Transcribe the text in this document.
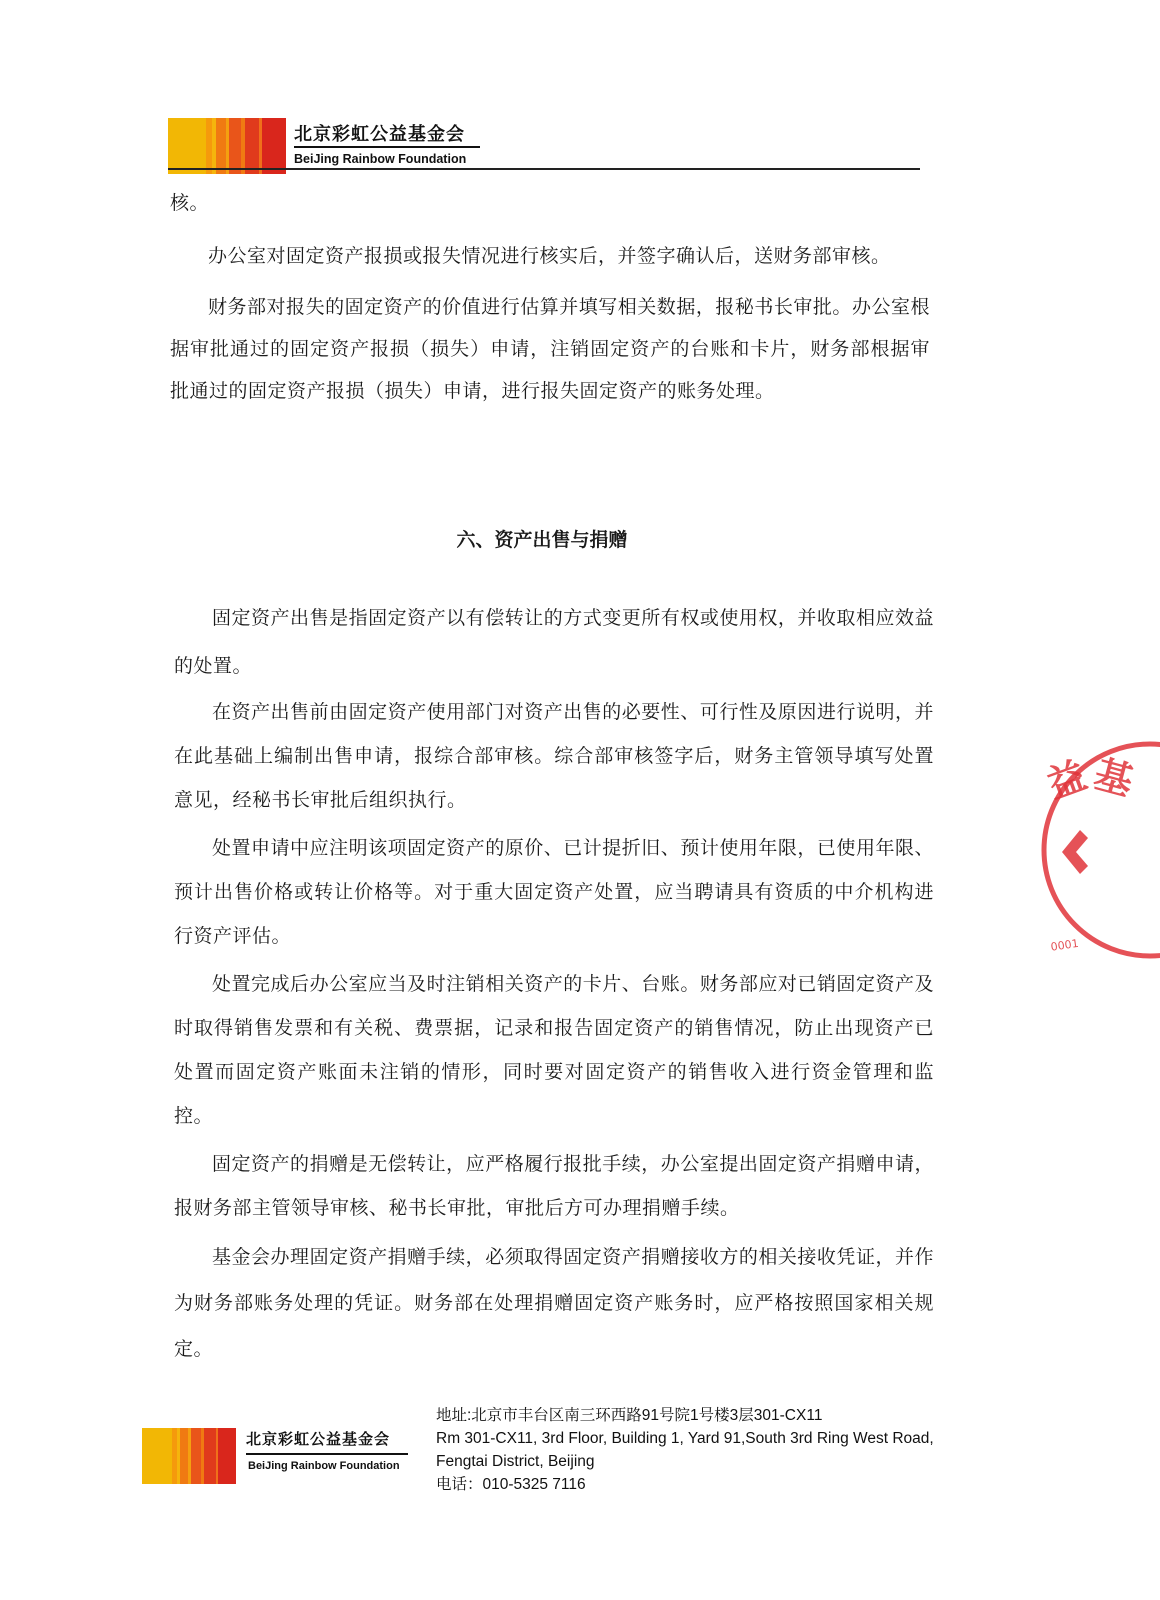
北京彩虹公益基金会
BeiJing Rainbow Foundation

核。

办公室对固定资产报损或报失情况进行核实后，并签字确认后，送财务部审核。

财务部对报失的固定资产的价值进行估算并填写相关数据，报秘书长审批。办公室根据审批通过的固定资产报损（损失）申请，注销固定资产的台账和卡片，财务部根据审批通过的固定资产报损（损失）申请，进行报失固定资产的账务处理。

六、资产出售与捐赠

固定资产出售是指固定资产以有偿转让的方式变更所有权或使用权，并收取相应效益的处置。

在资产出售前由固定资产使用部门对资产出售的必要性、可行性及原因进行说明，并在此基础上编制出售申请，报综合部审核。综合部审核签字后，财务主管领导填写处置意见，经秘书长审批后组织执行。

处置申请中应注明该项固定资产的原价、已计提折旧、预计使用年限，已使用年限、预计出售价格或转让价格等。对于重大固定资产处置，应当聘请具有资质的中介机构进行资产评估。

处置完成后办公室应当及时注销相关资产的卡片、台账。财务部应对已销固定资产及时取得销售发票和有关税、费票据，记录和报告固定资产的销售情况，防止出现资产已处置而固定资产账面未注销的情形，同时要对固定资产的销售收入进行资金管理和监控。

固定资产的捐赠是无偿转让，应严格履行报批手续，办公室提出固定资产捐赠申请，报财务部主管领导审核、秘书长审批，审批后方可办理捐赠手续。

基金会办理固定资产捐赠手续，必须取得固定资产捐赠接收方的相关接收凭证，并作为财务部账务处理的凭证。财务部在处理捐赠固定资产账务时，应严格按照国家相关规定。

益
基
0001
北京彩虹公益基金会
BeiJing Rainbow Foundation
地址:北京市丰台区南三环西路91号院1号楼3层301-CX11
Rm 301-CX11, 3rd Floor, Building 1, Yard 91,South 3rd Ring West Road,
Fengtai District, Beijing
电话：010-5325 7116
